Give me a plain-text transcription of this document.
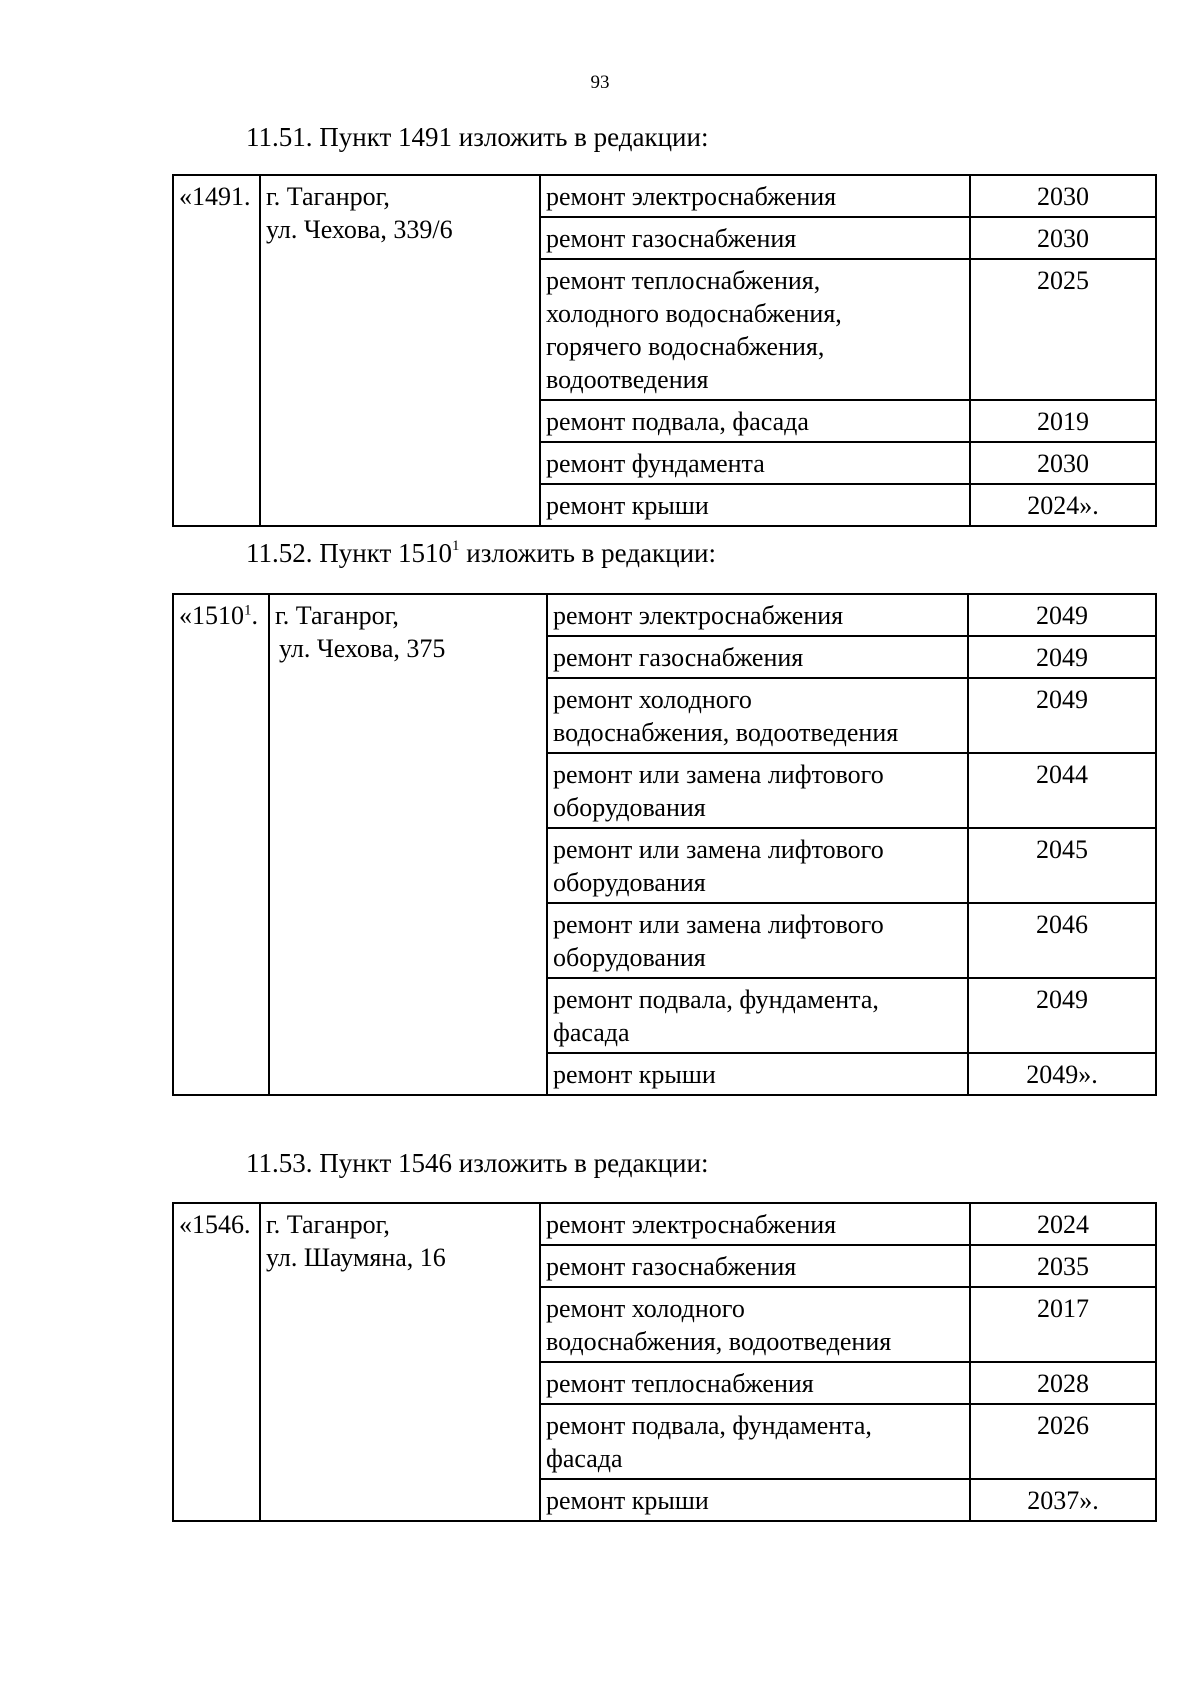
93
11.51. Пункт 1491 изложить в редакции:
«1491.	г. Таганрог,
ул. Чехова, 339/6	ремонт электроснабжения	2030
		ремонт газоснабжения	2030
		ремонт теплоснабжения,
холодного водоснабжения,
горячего водоснабжения,
водоотведения	2025
		ремонт подвала, фасада	2019
		ремонт фундамента	2030
		ремонт крыши	2024».
11.52. Пункт 1510$^1$ изложить в редакции:
«1510$^1$.	г. Таганрог,
ул. Чехова, 375	ремонт электроснабжения	2049
		ремонт газоснабжения	2049
		ремонт холодного
водоснабжения, водоотведения	2049
		ремонт или замена лифтового
оборудования	2044
		ремонт или замена лифтового
оборудования	2045
		ремонт или замена лифтового
оборудования	2046
		ремонт подвала, фундамента,
фасада	2049
		ремонт крыши	2049».
11.53. Пункт 1546 изложить в редакции:
«1546.	г. Таганрог,
ул. Шаумяна, 16	ремонт электроснабжения	2024
		ремонт газоснабжения	2035
		ремонт холодного
водоснабжения, водоотведения	2017
		ремонт теплоснабжения	2028
		ремонт подвала, фундамента,
фасада	2026
		ремонт крыши	2037».
